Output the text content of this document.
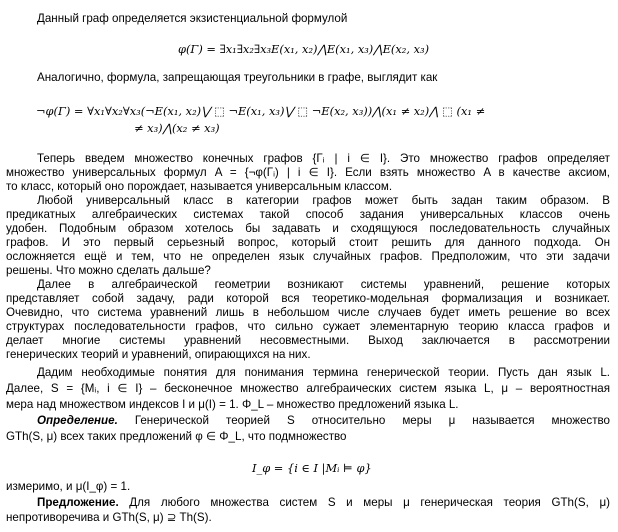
Данный граф определяется экзистенциальной формулой
φ(Γ) = ∃x₁∃x₂∃x₃E(x₁, x₂)⋀E(x₁, x₃)⋀E(x₂, x₃)
Аналогично, формула, запрещающая треугольники в графе, выглядит как
¬φ(Γ) = ∀x₁∀x₂∀x₃(¬E(x₁, x₂)⋁ ⬚ ¬E(x₁, x₃)⋁ ⬚ ¬E(x₂, x₃))⋀(x₁ ≠ x₂)⋀ ⬚ (x₁ ≠
≠ x₃)⋀(x₂ ≠ x₃)
Теперь введем множество конечных графов {Γᵢ | i ∈ I}. Это множество графов определяет
множество универсальных формул A = {¬φ(Γᵢ) | i ∈ I}. Если взять множество A в качестве аксиом,
то класс, который оно порождает, называется универсальным классом.
Любой универсальный класс в категории графов может быть задан таким образом. В
предикатных алгебраических системах такой способ задания универсальных классов очень
удобен. Подобным образом хотелось бы задавать и сходящуюся последовательность случайных
графов. И это первый серьезный вопрос, который стоит решить для данного подхода. Он
осложняется ещё и тем, что не определен язык случайных графов. Предположим, что эти задачи
решены. Что можно сделать дальше?
Далее в алгебраической геометрии возникают системы уравнений, решение которых
представляет собой задачу, ради которой вся теоретико-модельная формализация и возникает.
Очевидно, что система уравнений лишь в небольшом числе случаев будет иметь решение во всех
структурах последовательности графов, что сильно сужает элементарную теорию класса графов и
делает многие системы уравнений несовместными. Выход заключается в рассмотрении
генерических теорий и уравнений, опирающихся на них.
Дадим необходимые понятия для понимания термина генерической теории. Пусть дан язык L.
Далее, S = {Mᵢ, i ∈ I} – бесконечное множество алгебраических систем языка L, μ – вероятностная
мера над множеством индексов I и μ(I) = 1. Φ_L – множество предложений языка L.
Определение. Генерической теорией S относительно меры μ называется множество
GTh(S, μ) всех таких предложений φ ∈ Φ_L, что подмножество
I_φ = {i ∈ I |Mᵢ ⊨ φ}
измеримо, и μ(I_φ) = 1.
Предложение. Для любого множества систем S и меры μ генерическая теория GTh(S, μ)
непротиворечива и GTh(S, μ) ⊇ Th(S).
